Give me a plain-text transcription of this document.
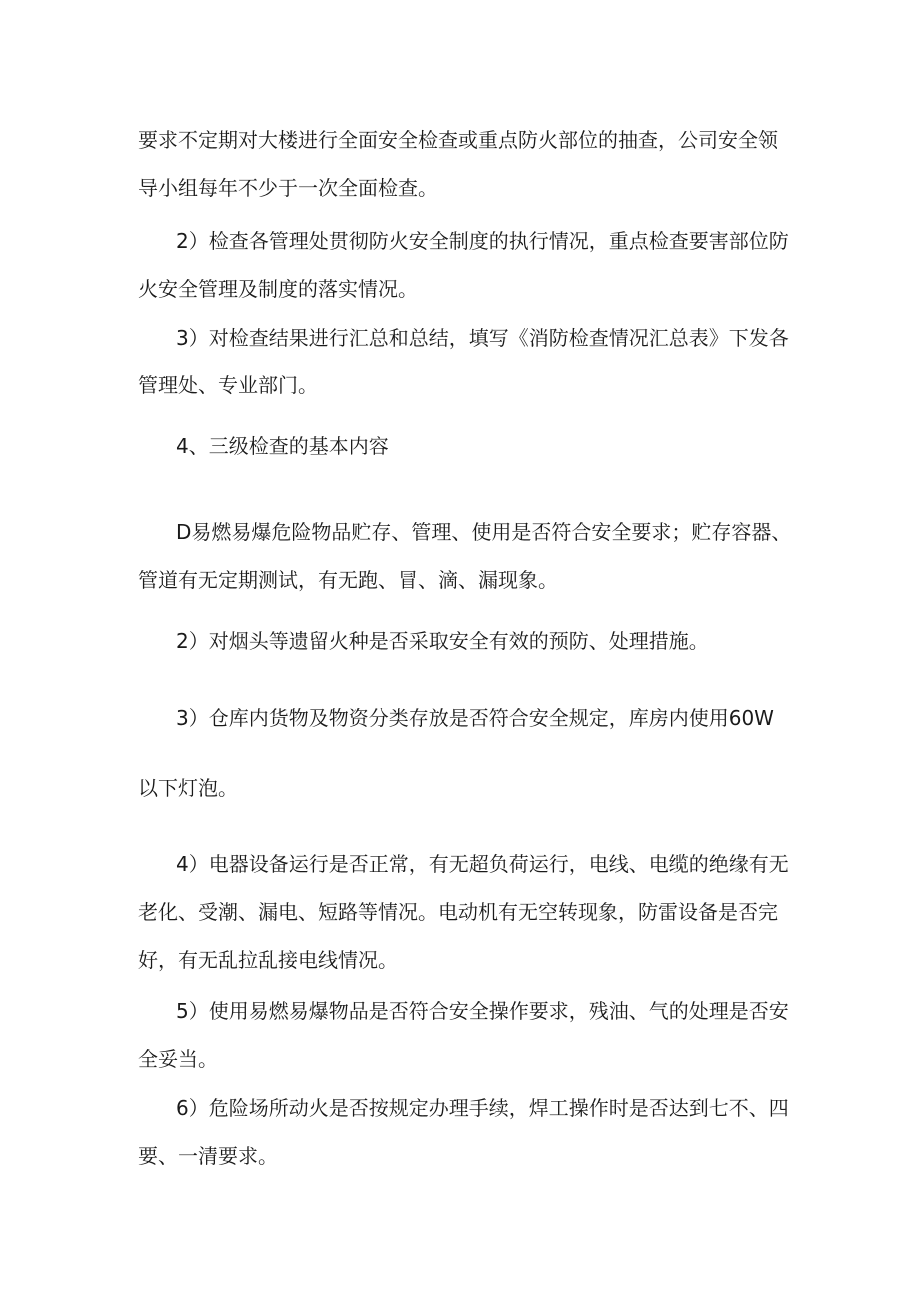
要求不定期对大楼进行全面安全检查或重点防火部位的抽查，公司安全领
导小组每年不少于一次全面检查。
2）检查各管理处贯彻防火安全制度的执行情况，重点检查要害部位防
火安全管理及制度的落实情况。
3）对检查结果进行汇总和总结，填写《消防检查情况汇总表》下发各
管理处、专业部门。
4、三级检查的基本内容
D易燃易爆危险物品贮存、管理、使用是否符合安全要求；贮存容器、
管道有无定期测试，有无跑、冒、滴、漏现象。
2）对烟头等遗留火种是否采取安全有效的预防、处理措施。
3）仓库内货物及物资分类存放是否符合安全规定，库房内使用60W
以下灯泡。
4）电器设备运行是否正常，有无超负荷运行，电线、电缆的绝缘有无
老化、受潮、漏电、短路等情况。电动机有无空转现象，防雷设备是否完
好，有无乱拉乱接电线情况。
5）使用易燃易爆物品是否符合安全操作要求，残油、气的处理是否安
全妥当。
6）危险场所动火是否按规定办理手续，焊工操作时是否达到七不、四
要、一清要求。
